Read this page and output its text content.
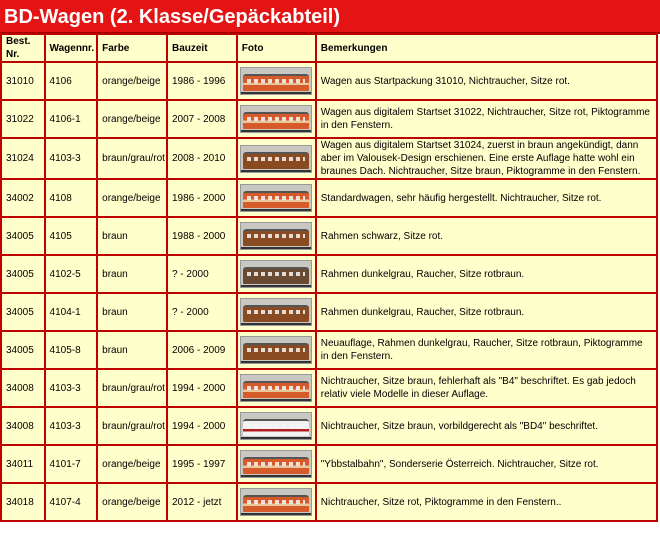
BD-Wagen (2. Klasse/Gepäckabteil)
Best. Nr.	Wagennr.	Farbe	Bauzeit	Foto	Bemerkungen
31010	4106	orange/beige	1986 - 1996		Wagen aus Startpackung 31010, Nichtraucher, Sitze rot.
31022	4106-1	orange/beige	2007 - 2008		Wagen aus digitalem Startset 31022, Nichtraucher, Sitze rot, Piktogramme in den Fenstern.
31024	4103-3	braun/grau/rot	2008 - 2010		Wagen aus digitalem Startset 31024, zuerst in braun angekündigt, dann aber im Valousek-Design erschienen. Eine erste Auflage hatte wohl ein braunes Dach. Nichtraucher, Sitze braun, Piktogramme in den Fenstern.
34002	4108	orange/beige	1986 - 2000		Standardwagen, sehr häufig hergestellt. Nichtraucher, Sitze rot.
34005	4105	braun	1988 - 2000		Rahmen schwarz, Sitze rot.
34005	4102-5	braun	? - 2000		Rahmen dunkelgrau, Raucher, Sitze rotbraun.
34005	4104-1	braun	? - 2000		Rahmen dunkelgrau, Raucher, Sitze rotbraun.
34005	4105-8	braun	2006 - 2009		Neuauflage, Rahmen dunkelgrau, Raucher, Sitze rotbraun, Piktogramme in den Fenstern.
34008	4103-3	braun/grau/rot	1994 - 2000		Nichtraucher, Sitze braun, fehlerhaft als "B4" beschriftet. Es gab jedoch relativ viele Modelle in dieser Auflage.
34008	4103-3	braun/grau/rot	1994 - 2000		Nichtraucher, Sitze braun, vorbildgerecht als "BD4" beschriftet.
34011	4101-7	orange/beige	1995 - 1997		"Ybbstalbahn", Sonderserie Österreich. Nichtraucher, Sitze rot.
34018	4107-4	orange/beige	2012 - jetzt		Nichtraucher, Sitze rot, Piktogramme in den Fenstern..
